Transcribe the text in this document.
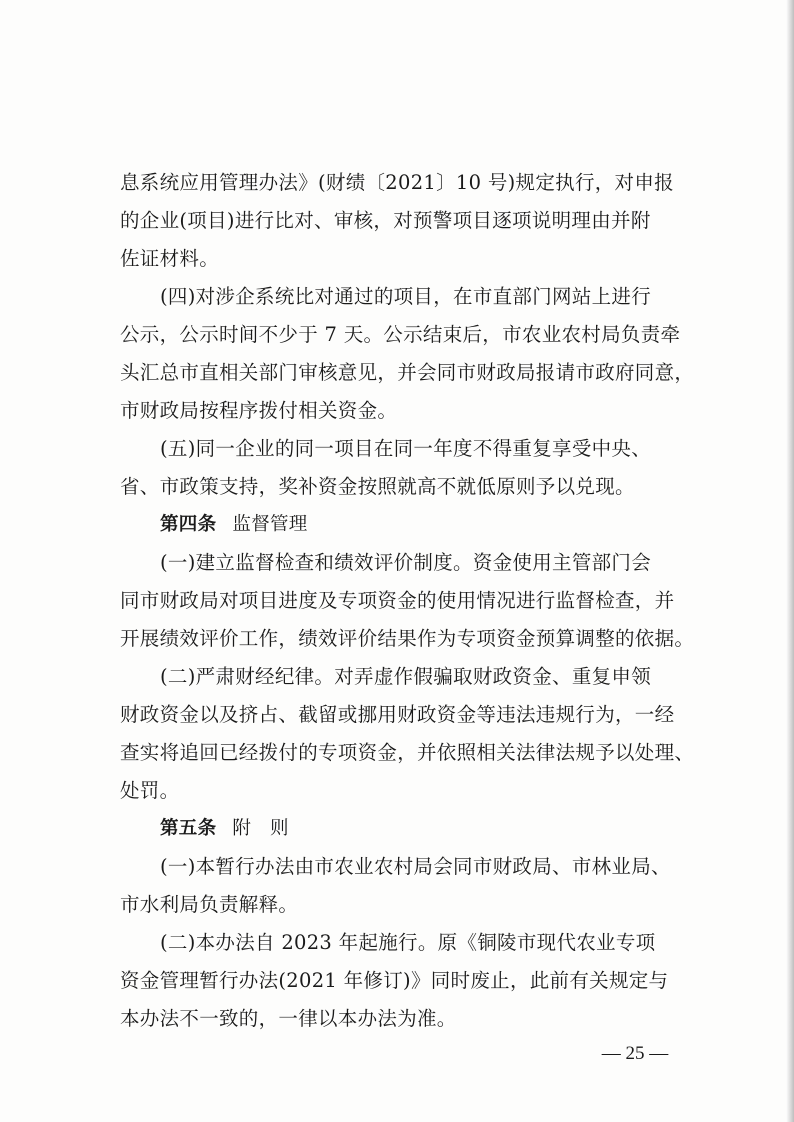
息系统应用管理办法》(财绩〔2021〕10 号)规定执行，对申报
的企业(项目)进行比对、审核，对预警项目逐项说明理由并附
佐证材料。
(四)对涉企系统比对通过的项目，在市直部门网站上进行
公示，公示时间不少于 7 天。公示结束后，市农业农村局负责牵
头汇总市直相关部门审核意见，并会同市财政局报请市政府同意，
市财政局按程序拨付相关资金。
(五)同一企业的同一项目在同一年度不得重复享受中央、
省、市政策支持，奖补资金按照就高不就低原则予以兑现。
第四条 监督管理
(一)建立监督检查和绩效评价制度。资金使用主管部门会
同市财政局对项目进度及专项资金的使用情况进行监督检查，并
开展绩效评价工作，绩效评价结果作为专项资金预算调整的依据。
(二)严肃财经纪律。对弄虚作假骗取财政资金、重复申领
财政资金以及挤占、截留或挪用财政资金等违法违规行为，一经
查实将追回已经拨付的专项资金，并依照相关法律法规予以处理、
处罚。
第五条 附　则
(一)本暂行办法由市农业农村局会同市财政局、市林业局、
市水利局负责解释。
(二)本办法自 2023 年起施行。原《铜陵市现代农业专项
资金管理暂行办法(2021 年修订)》同时废止，此前有关规定与
本办法不一致的，一律以本办法为准。
— 25 —
